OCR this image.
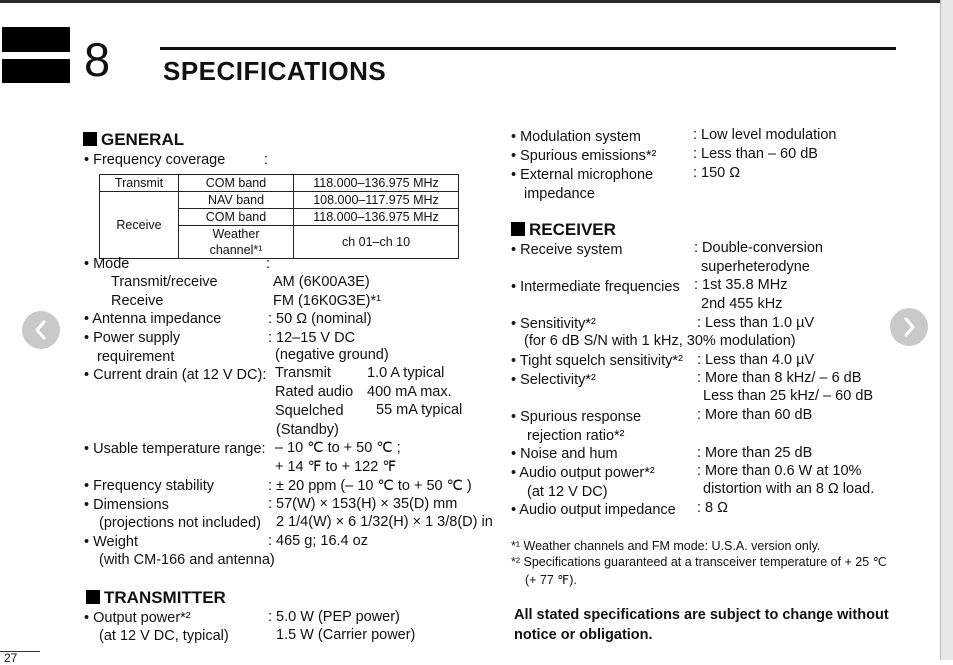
8 SPECIFICATIONS
GENERAL
• Frequency coverage	:
Transmit	COM band	118.000–136.975 MHz
Receive	NAV band	108.000–117.975 MHz
	COM band	118.000–136.975 MHz
	Weather channel*¹	ch 01–ch 10
• Mode	:
Transmit/receive	AM (6K00A3E)
Receive	FM (16K0G3E)*¹
• Antenna impedance	: 50 Ω (nominal)
• Power supply
requirement
: 12–15 V DC
(negative ground)
• Current drain (at 12 V DC): Transmit 1.0 A typical
Rated audio 400 mA max.
Squelched 55 mA typical
(Standby)
• Usable temperature range: – 10 ℃ to + 50 ℃ ;
+ 14 ℉ to + 122 ℉
• Frequency stability	: ± 20 ppm (– 10 ℃ to + 50 ℃ )
• Dimensions	: 57(W) × 153(H) × 35(D) mm
(projections not included) 2 1/4(W) × 6 1/32(H) × 1 3/8(D) in
• Weight	: 465 g; 16.4 oz
(with CM-166 and antenna)
TRANSMITTER
• Output power*²
(at 12 V DC, typical)
: 5.0 W (PEP power)
1.5 W (Carrier power)
• Modulation system	: Low level modulation
• Spurious emissions*²	: Less than – 60 dB
• External microphone
impedance
: 150 Ω
RECEIVER
• Receive system	: Double-conversion
superheterodyne
• Intermediate frequencies : 1st 35.8 MHz
2nd 455 kHz
• Sensitivity*²	: Less than 1.0 µV
(for 6 dB S/N with 1 kHz, 30% modulation)
• Tight squelch sensitivity*² : Less than 4.0 µV
• Selectivity*²	: More than 8 kHz/ – 6 dB
Less than 25 kHz/ – 60 dB
• Spurious response
rejection ratio*²
: More than 60 dB
• Noise and hum	: More than 25 dB
• Audio output power*²
(at 12 V DC)
: More than 0.6 W at 10%
distortion with an 8 Ω load.
• Audio output impedance : 8 Ω
*¹ Weather channels and FM mode: U.S.A. version only.
*² Specifications guaranteed at a transceiver temperature of + 25 ℃
(+ 77 ℉).
All stated specifications are subject to change without
notice or obligation.
27
